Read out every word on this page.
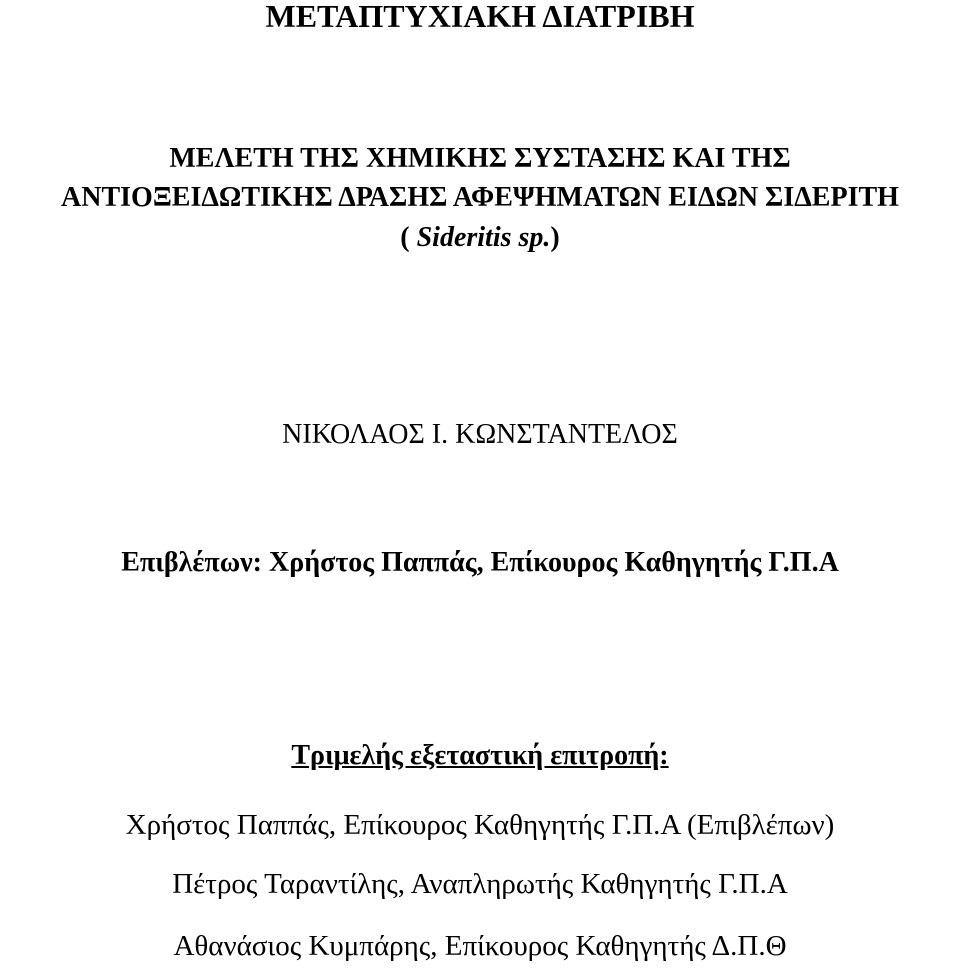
ΜΕΤΑΠΤΥΧΙΑΚΗ ΔΙΑΤΡΙΒΗ
ΜΕΛΕΤΗ ΤΗΣ ΧΗΜΙΚΗΣ ΣΥΣΤΑΣΗΣ ΚΑΙ ΤΗΣ
ΑΝΤΙΟΞΕΙΔΩΤΙΚΗΣ ΔΡΑΣΗΣ ΑΦΕΨΗΜΑΤΩΝ ΕΙΔΩΝ ΣΙΔΕΡΙΤΗ
( Sideritis sp.)
ΝΙΚΟΛΑΟΣ Ι. ΚΩΝΣΤΑΝΤΕΛΟΣ
Επιβλέπων: Χρήστος Παππάς, Επίκουρος Καθηγητής Γ.Π.Α
Τριμελής εξεταστική επιτροπή:
Χρήστος Παππάς, Επίκουρος Καθηγητής Γ.Π.Α (Επιβλέπων)
Πέτρος Ταραντίλης, Αναπληρωτής Καθηγητής Γ.Π.Α
Αθανάσιος Κυμπάρης, Επίκουρος Καθηγητής Δ.Π.Θ
